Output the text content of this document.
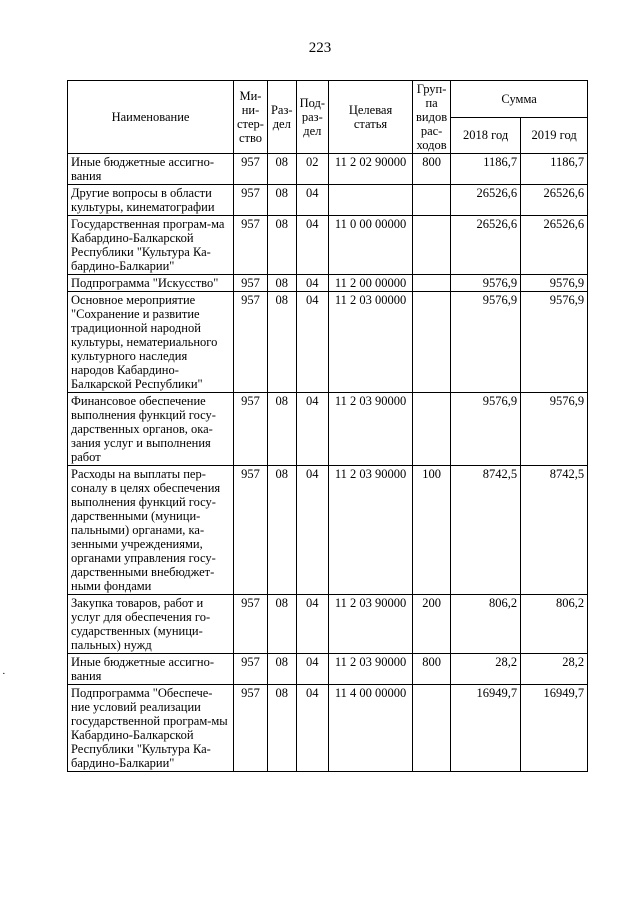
223
·
Наименование	Ми-ни-стер-ство	Раз-дел	Под-раз-дел	Целевая статья	Груп-па видов рас-ходов	Сумма	
						2018 год	2019 год
Иные бюджетные ассигно-вания	957	08	02	11 2 02 90000	800	1186,7	1186,7
Другие вопросы в области культуры, кинематографии	957	08	04			26526,6	26526,6
Государственная програм-ма Кабардино-Балкарской Республики "Культура Ка-бардино-Балкарии"	957	08	04	11 0 00 00000		26526,6	26526,6
Подпрограмма "Искусство"	957	08	04	11 2 00 00000		9576,9	9576,9
Основное мероприятие "Сохранение и развитие традиционной народной культуры, нематериального культурного наследия народов Кабардино-Балкарской Республики"	957	08	04	11 2 03 00000		9576,9	9576,9
Финансовое обеспечение выполнения функций госу-дарственных органов, ока-зания услуг и выполнения работ	957	08	04	11 2 03 90000		9576,9	9576,9
Расходы на выплаты пер-соналу в целях обеспечения выполнения функций госу-дарственными (муници-пальными) органами, ка-зенными учреждениями, органами управления госу-дарственными внебюджет-ными фондами	957	08	04	11 2 03 90000	100	8742,5	8742,5
Закупка товаров, работ и услуг для обеспечения го-сударственных (муници-пальных) нужд	957	08	04	11 2 03 90000	200	806,2	806,2
Иные бюджетные ассигно-вания	957	08	04	11 2 03 90000	800	28,2	28,2
Подпрограмма "Обеспече-ние условий реализации государственной програм-мы Кабардино-Балкарской Республики "Культура Ка-бардино-Балкарии"	957	08	04	11 4 00 00000		16949,7	16949,7
